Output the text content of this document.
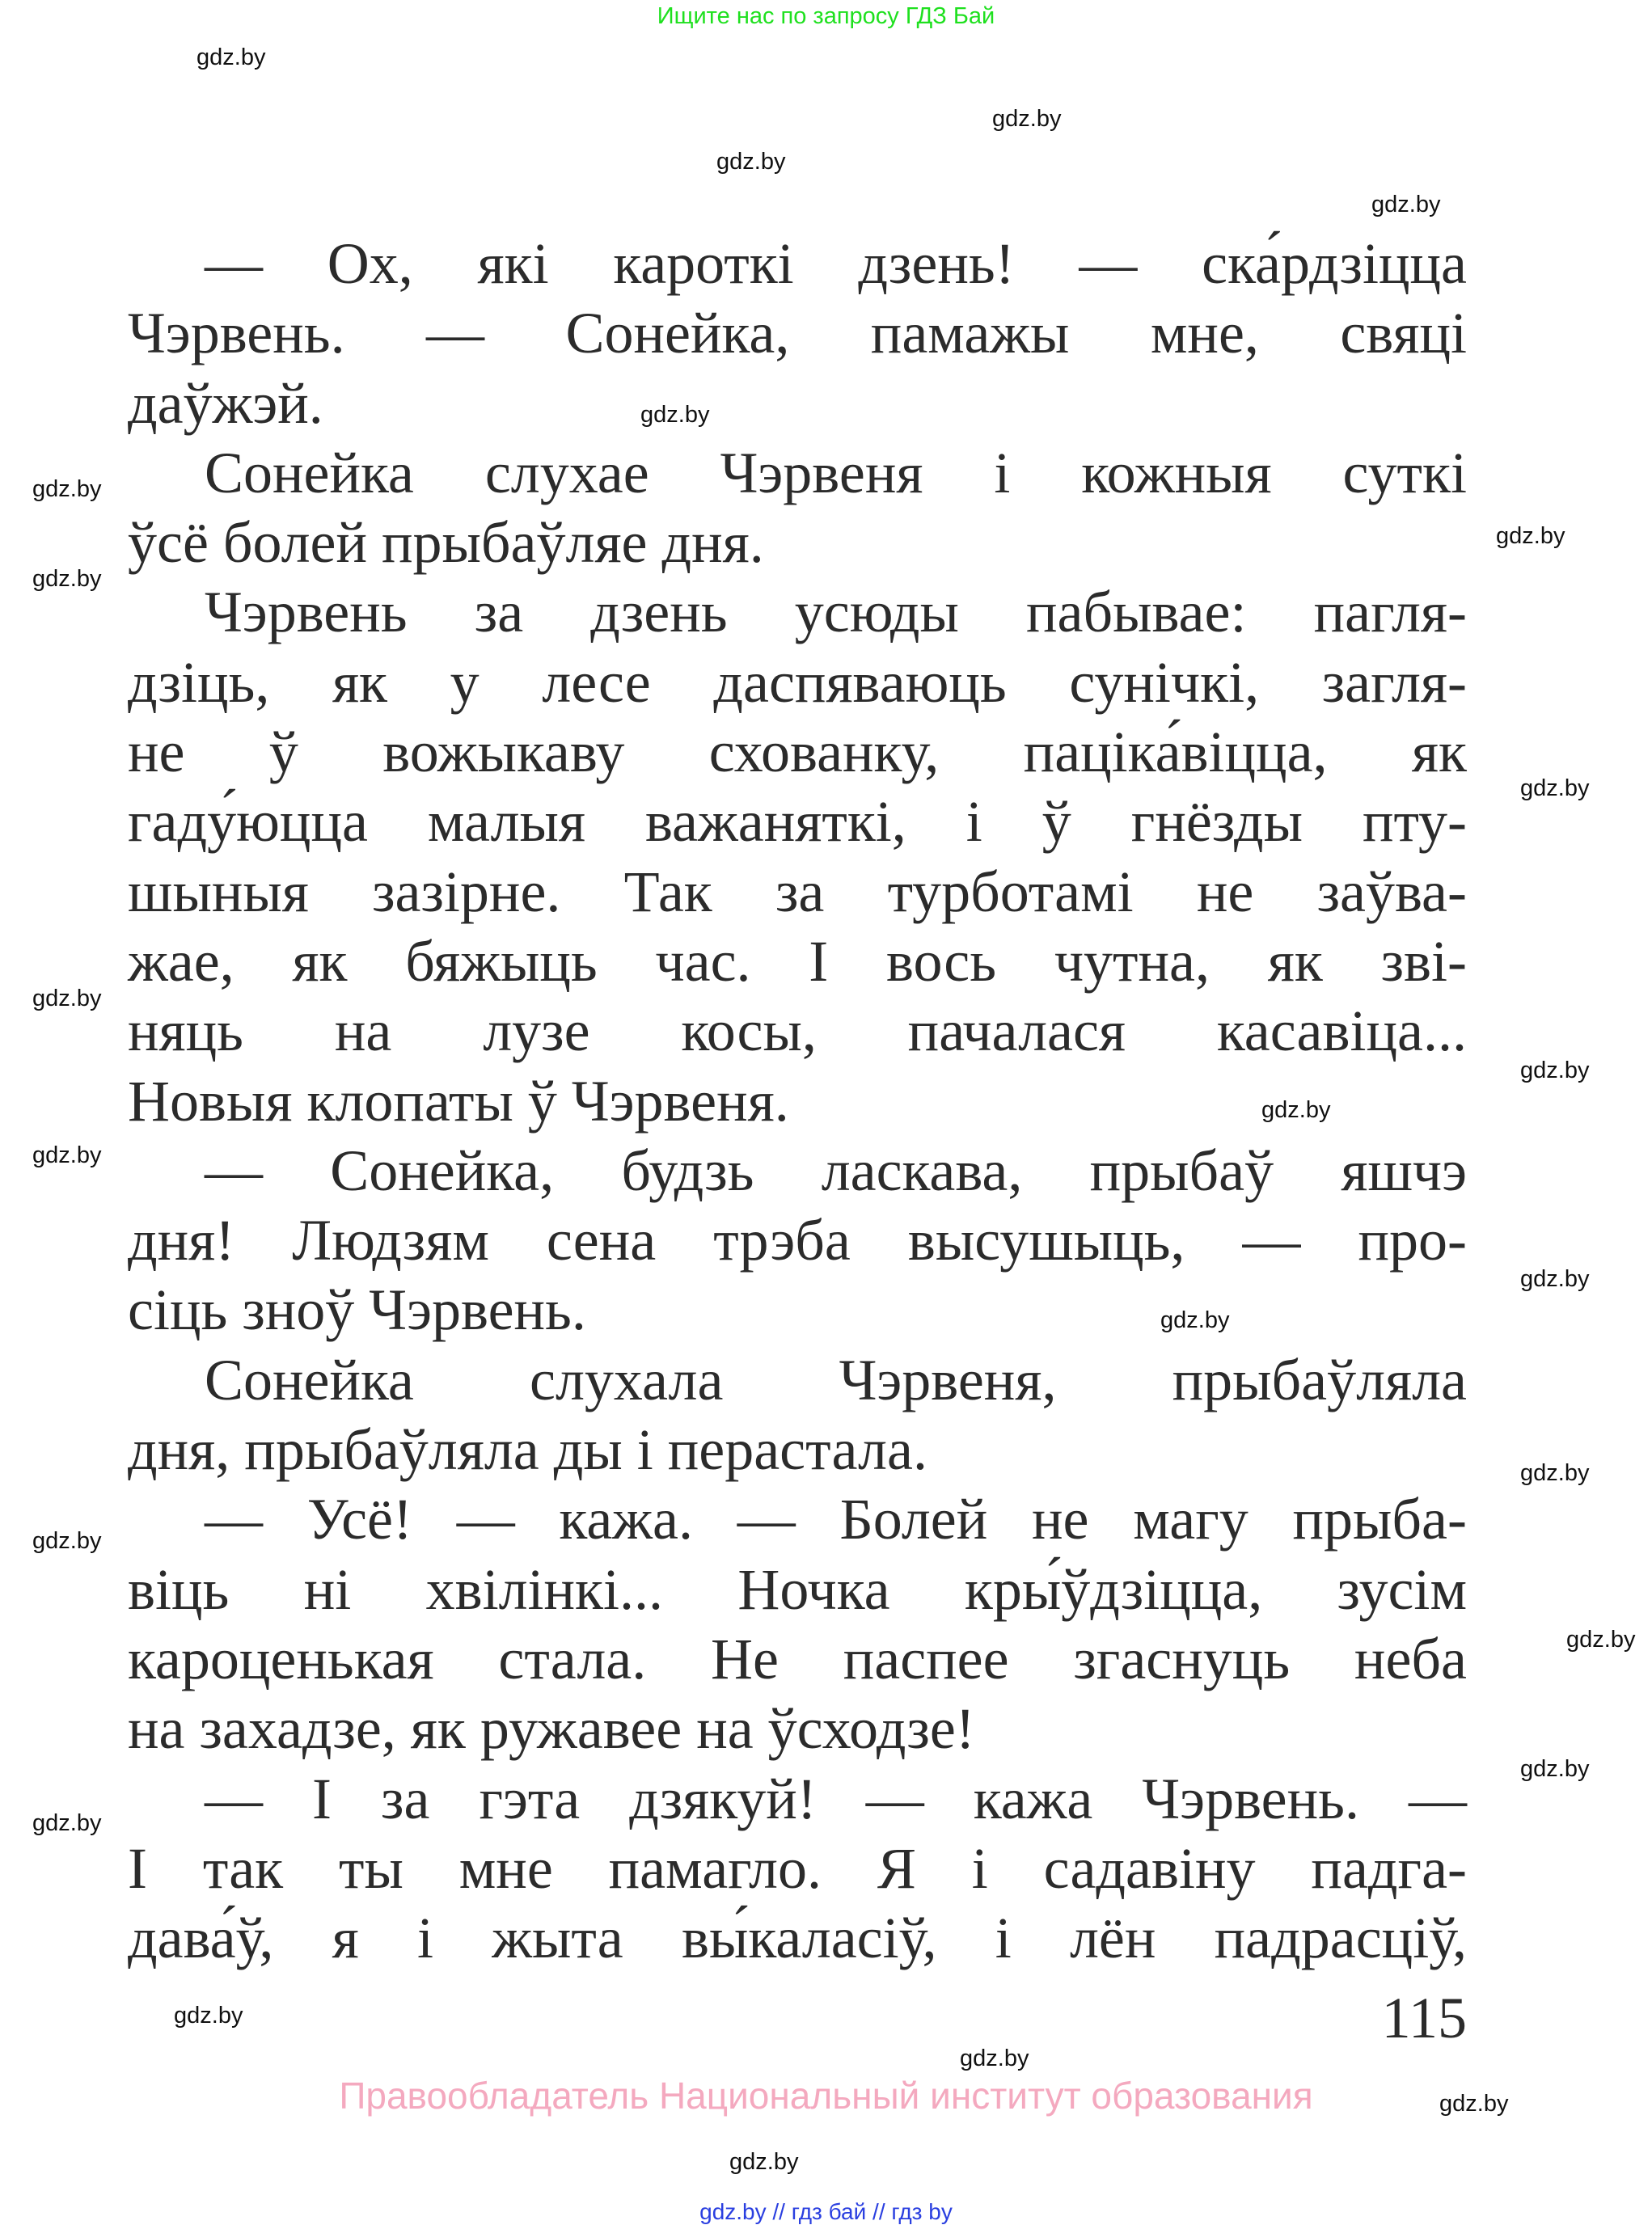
Ищите нас по запросу ГДЗ Бай
— Ох, які кароткі дзень! — ска́рдзіцца
Чэрвень. — Сонейка, памажы мне, свяці
даўжэй.
Сонейка слухае Чэрвеня і кожныя суткі
ўсё болей прыбаўляе дня.
Чэрвень за дзень усюды пабывае: пагля-
дзіць, як у лесе даспяваюць сунічкі, загля-
не ў вожыкаву схованку, паціка́віцца, як
гаду́юцца малыя важаняткі, і ў гнёзды пту-
шыныя зазірне. Так за турботамі не заўва-
жае, як бяжыць час. І вось чутна, як зві-
няць на лузе косы, пачалася касавіца...
Новыя клопаты ў Чэрвеня.
— Сонейка, будзь ласкава, прыбаў яшчэ
дня! Людзям сена трэба высушыць, — про-
сіць зноў Чэрвень.
Сонейка слухала Чэрвеня, прыбаўляла
дня, прыбаўляла ды і перастала.
— Усё! — кажа. — Болей не магу прыба-
віць ні хвілінкі... Ночка кры́ўдзіцца, зусім
кароценькая стала. Не паспее згаснуць неба
на захадзе, як ружавее на ўсходзе!
— І за гэта дзякуй! — кажа Чэрвень. —
І так ты мне памагло. Я і садавіну падга-
дава́ў, я і жыта вы́каласіў, і лён падрасціў,
115
gdz.by
gdz.by
gdz.by
gdz.by
gdz.by
gdz.by
gdz.by
gdz.by
gdz.by
gdz.by
gdz.by
gdz.by
gdz.by
gdz.by
gdz.by
gdz.by
gdz.by
gdz.by
gdz.by
gdz.by
gdz.by
gdz.by
gdz.by
gdz.by
Правообладатель Национальный институт образования
gdz.by // гдз бай // гдз by
